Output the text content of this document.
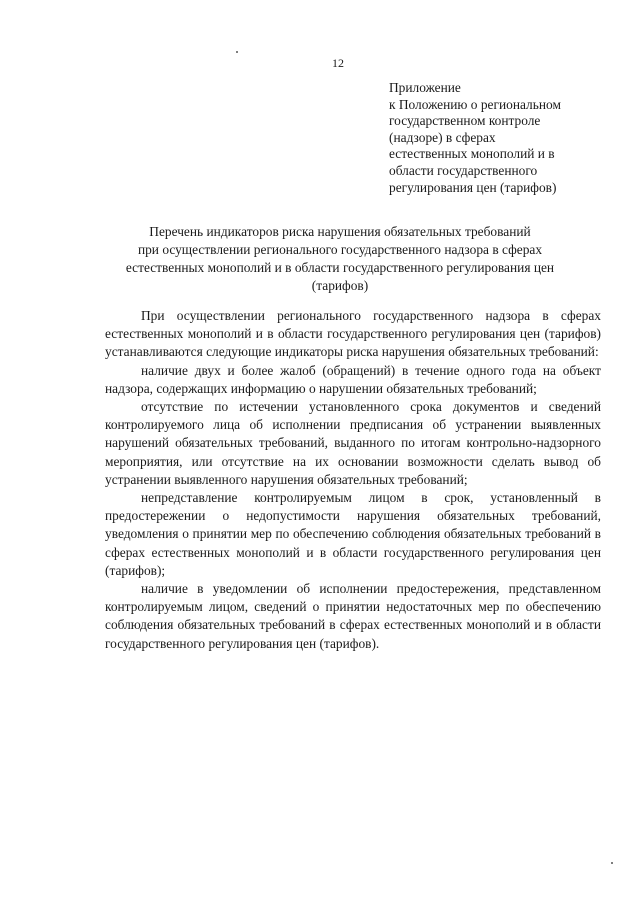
12
Приложение
к Положению о региональном
государственном контроле
(надзоре) в сферах
естественных монополий и в
области государственного
регулирования цен (тарифов)
Перечень индикаторов риска нарушения обязательных требований
при осуществлении регионального государственного надзора в сферах
естественных монополий и в области государственного регулирования цен
(тарифов)

При осуществлении регионального государственного надзора в сферах естественных монополий и в области государственного регулирования цен (тарифов) устанавливаются следующие индикаторы риска нарушения обязательных требований:

наличие двух и более жалоб (обращений) в течение одного года на объект надзора, содержащих информацию о нарушении обязательных требований;

отсутствие по истечении установленного срока документов и сведений контролируемого лица об исполнении предписания об устранении выявленных нарушений обязательных требований, выданного по итогам контрольно-надзорного мероприятия, или отсутствие на их основании возможности сделать вывод об устранении выявленного нарушения обязательных требований;

непредставление контролируемым лицом в срок, установленный в предостережении о недопустимости нарушения обязательных требований, уведомления о принятии мер по обеспечению соблюдения обязательных требований в сферах естественных монополий и в области государственного регулирования цен (тарифов);

наличие в уведомлении об исполнении предостережения, представленном контролируемым лицом, сведений о принятии недостаточных мер по обеспечению соблюдения обязательных требований в сферах естественных монополий и в области государственного регулирования цен (тарифов).
